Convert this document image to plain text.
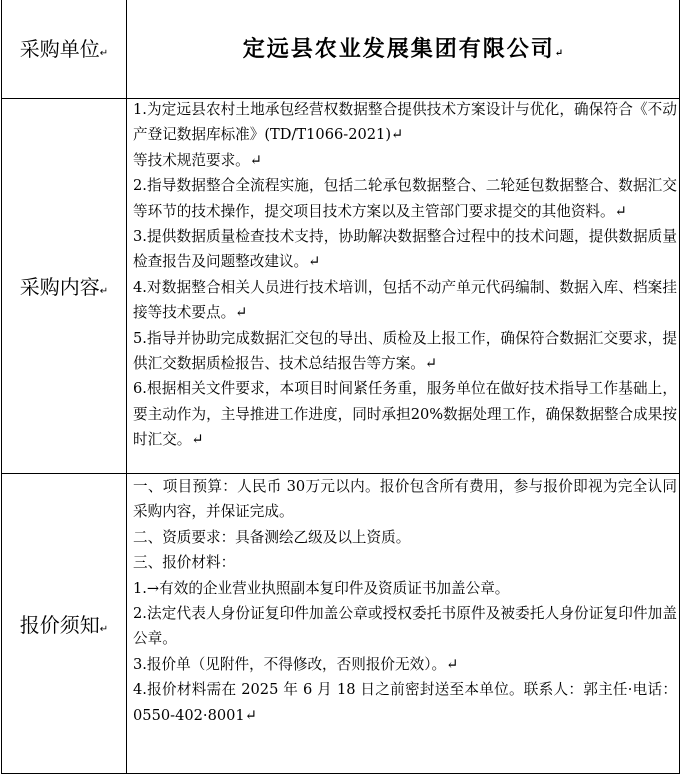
采购单位↵	定远县农业发展集团有限公司↵
采购内容↵

1.为定远县农村土地承包经营权数据整合提供技术方案设计与优化，确保符合《不动产登记数据库标准》(TD/T1066-2021)↵

等技术规范要求。↵

2.指导数据整合全流程实施，包括二轮承包数据整合、二轮延包数据整合、数据汇交等环节的技术操作，提交项目技术方案以及主管部门要求提交的其他资料。↵

3.提供数据质量检查技术支持，协助解决数据整合过程中的技术问题，提供数据质量检查报告及问题整改建议。↵

4.对数据整合相关人员进行技术培训，包括不动产单元代码编制、数据入库、档案挂接等技术要点。↵

5.指导并协助完成数据汇交包的导出、质检及上报工作，确保符合数据汇交要求，提供汇交数据质检报告、技术总结报告等方案。↵

6.根据相关文件要求，本项目时间紧任务重，服务单位在做好技术指导工作基础上，要主动作为，主导推进工作进度，同时承担20%数据处理工作，确保数据整合成果按时汇交。↵

报价须知↵

一、项目预算：人民币 30万元以内。报价包含所有费用，参与报价即视为完全认同采购内容，并保证完成。

二、资质要求：具备测绘乙级及以上资质。

三、报价材料：

1.→有效的企业营业执照副本复印件及资质证书加盖公章。

2.法定代表人身份证复印件加盖公章或授权委托书原件及被委托人身份证复印件加盖公章。

3.报价单（见附件，不得修改，否则报价无效）。↵

4.报价材料需在 2025 年 6 月 18 日之前密封送至本单位。联系人：郭主任·电话： 0550-402·8001↵
